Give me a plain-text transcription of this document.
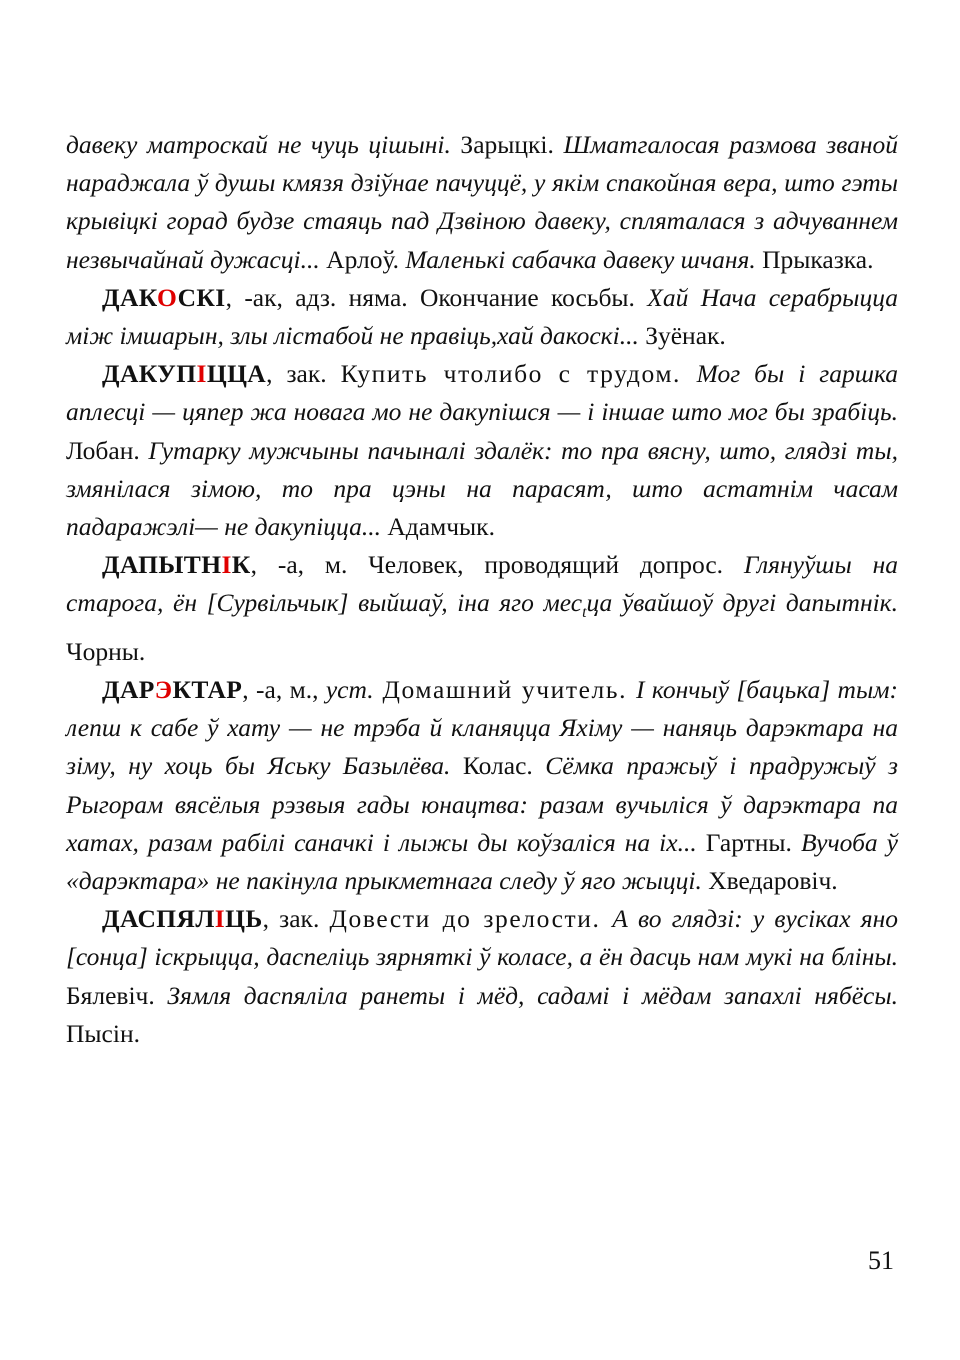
давеку матроскай не чуць цішыні. Зарыцкі. Шматгалосая размова званой нараджала ў душы кмязя дзіўнае пачуццё, у якім спакойная вера, што гэты крывіцкі горад будзе стаяць пад Дзвіною давеку, спляталася з адчуваннем незвычайнай дужасці... Арлоў. Маленькі сабачка давеку шчаня. Прыказка.

ДАКОСКІ, -ак, адз. няма. Окончание косьбы. Хай Нача серабрыцца між імшарын, злы лістабой не правіць,хай дакоскі... Зуёнак.

ДАКУПІЦЦА, зак. Купить чтолибо с трудом. Мог бы і гаршка аплесці — цяпер жа новага мо не дакупішся — і іншае што мог бы зрабіць. Лобан. Гутарку мужчыны пачыналі здалёк: то пра вясну, што, глядзі ты, змянілася зімою, то пра цэны на парасят, што астатнім часам падаражэлі— не дакупіцца... Адамчык.

ДАПЫТНІК, -а, м. Человек, проводящий допрос. Глянуўшы на старога, ён [Сурвільчык] выйшаў, іна яго мес$_t$ца ўвайшоў другі дапытнік. Чорны.

ДАРЭКТАР, -а, м., уст. Домашний учитель. І кончыў [бацька] тым: лепш к сабе ў хату — не трэба й кланяцца Яхіму — наняць дарэктара на зіму, ну хоць бы Яську Базылёва. Колас. Сёмка пражыў і прадружыў з Рыгорам вясёлыя рэзвыя гады юнацтва: разам вучыліся ў дарэктара па хатах, разам рабілі саначкі і лыжы ды коўзаліся на іх... Гартны. Вучоба ў «дарэктара» не пакінула прыкметнага следу ў яго жыцці. Хведаровіч.

ДАСПЯЛІЦЬ, зак. Довести до зрелости. А во глядзі: у вусіках яно [сонца] іскрыцца, даспеліць зярняткі ў коласе, а ён дасць нам мукі на бліны. Бялевіч. Зямля даспяліла ранеты і мёд, садамі і мёдам запахлі нябёсы. Пысін.

51
